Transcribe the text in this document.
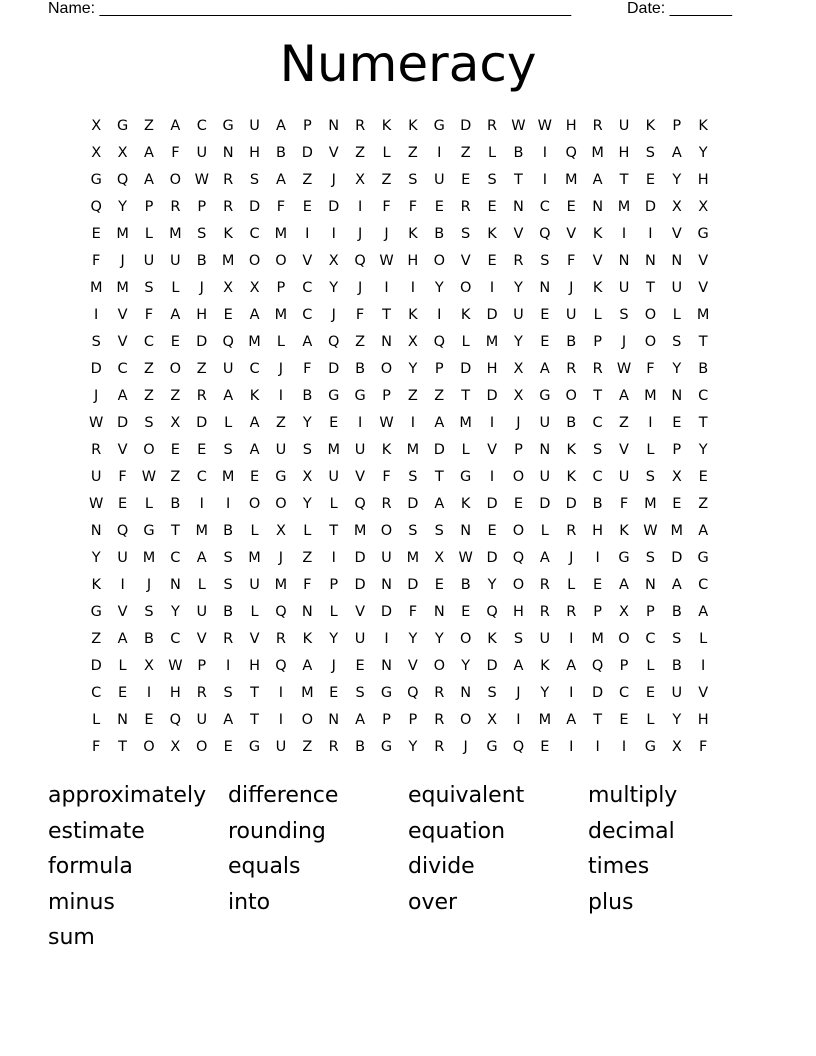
Name: _____________________________________________________	Date: _______
Numeracy
X	G	Z	A	C	G	U	A	P	N	R	K	K	G	D	R W W H	R	U	K	P	K
X	X	A	F	U	N	H	B	D	V	Z	L	Z	I	Z	L	B	I	Q M	H	S	A	Y
G	Q	A	O W R	S	A	Z	J	X	Z	S	U	E	S	T	I	M	A	T	E	Y	H
Q	Y	P	R	P	R	D	F	E	D	I	F	F	E	R	E	N	C	E	N	M	D	X	X
E	M	L	M	S	K	C	M	I	I	J	J	K	B	S	K	V	Q	V	K	I	I	V	G
F	J	U	U	B	M O	O	V	X	Q W H	O	V	E	R	S	F	V	N	N	N	V
M M	S	L	J	X	X	P	C	Y	J	I	I	Y	O	I	Y	N	J	K	U	T	U	V
I	V	F	A	H	E	A	M	C	J	F	T	K	I	K	D	U	E	U	L	S	O	L	M
S	V	C	E	D	Q M	L	A	Q	Z	N	X	Q	L	M	Y	E	B	P	J	O	S	T
D	C	Z	O	Z	U	C	J	F	D	B	O	Y	P	D	H	X	A	R	R W	F	Y	B
J	A	Z	Z	R	A	K	I	B	G	G	P	Z	Z	T	D	X	G	O	T	A	M	N	C
W D	S	X	D	L	A	Z	Y	E	I	W	I	A	M	I	J	U	B	C	Z	I	E	T
R	V	O	E	E	S	A	U	S	M	U	K	M	D	L	V	P	N	K	S	V	L	P	Y
U	F	W Z	C	M	E	G	X	U	V	F	S	T	G	I	O	U	K	C	U	S	X	E
W	E	L	B	I	I	O	O	Y	L	Q	R	D	A	K	D	E	D	D	B	F	M	E	Z
N	Q	G	T	M	B	L	X	L	T	M O	S	S	N	E	O	L	R	H	K W M	A
Y	U	M	C	A	S	M	J	Z	I	D	U	M	X W D	Q	A	J	I	G	S	D	G
K	I	J	N	L	S	U	M	F	P	D	N	D	E	B	Y	O	R	L	E	A	N	A	C
G	V	S	Y	U	B	L	Q	N	L	V	D	F	N	E	Q	H	R	R	P	X	P	B	A
Z	A	B	C	V	R	V	R	K	Y	U	I	Y	Y	O	K	S	U	I	M O	C	S	L
D	L	X W	P	I	H	Q	A	J	E	N	V	O	Y	D	A	K	A	Q	P	L	B	I
C	E	I	H	R	S	T	I	M	E	S	G	Q	R	N	S	J	Y	I	D	C	E	U	V
L	N	E	Q	U	A	T	I	O	N	A	P	P	R	O	X	I	M	A	T	E	L	Y	H
F	T	O	X	O	E	G	U	Z	R	B	G	Y	R	J	G	Q	E	I	I	I	G	X	F
approximately difference	equivalent	multiply
estimate	rounding	equation	decimal
formula	equals	divide	times
minus	into	over	plus
sum
